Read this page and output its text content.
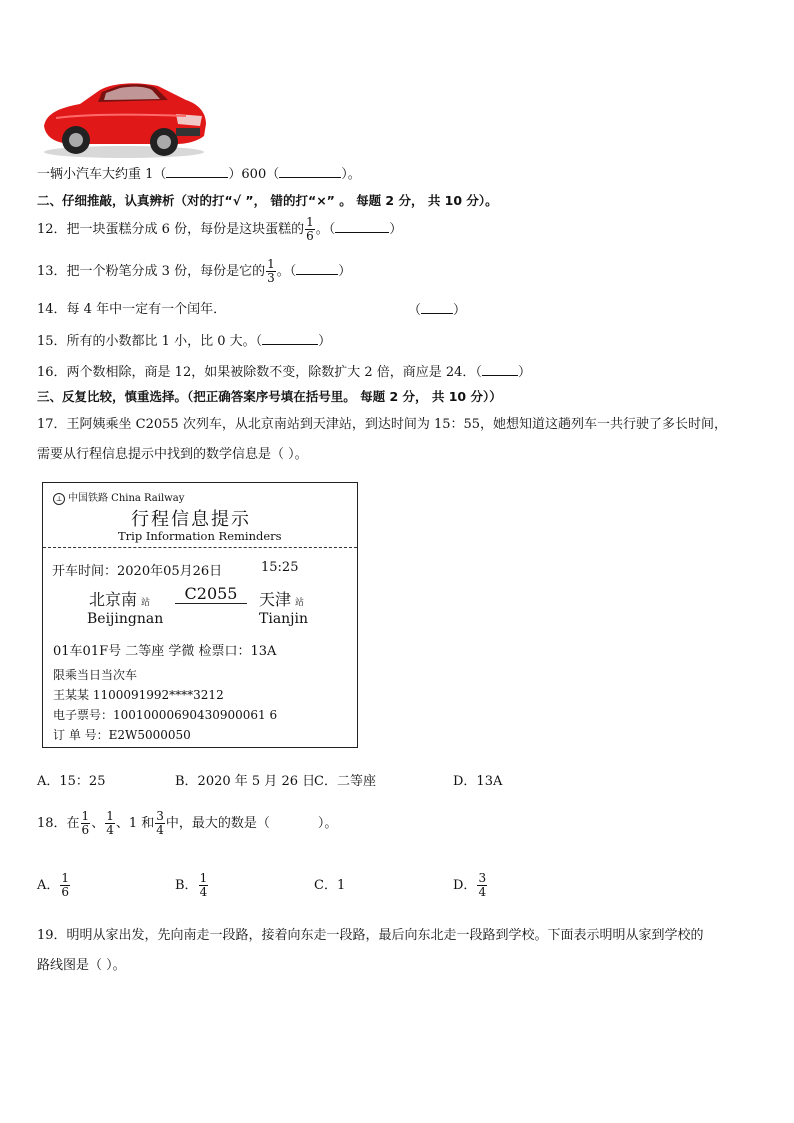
一辆小汽车大约重 1（	）600（	）。
二、仔细推敲，认真辨析（对的打“√ ”， 错的打“×” 。 每题 2 分， 共 10 分）。
12．把一块蛋糕分成 6 份，每份是这块蛋糕的 $\frac{1}{6}$ 。（	）
13．把一个粉笔分成 3 份，每份是它的 $\frac{1}{3}$ 。（	）
14．每 4 年中一定有一个闰年．	（ ）
15．所有的小数都比 1 小，比 0 大。（	）
16．两个数相除，商是 12，如果被除数不变，除数扩大 2 倍，商应是 24．（	）
三、反复比较，慎重选择。（把正确答案序号填在括号里。 每题 2 分， 共 10 分））
17．王阿姨乘坐 C2055 次列车，从北京南站到天津站，到达时间为 15：55，她想知道这趟列车一共行驶了多长时间，
需要从行程信息提示中找到的数学信息是（ ）。
⊥ 中国铁路 China Railway
行程信息提示
Trip Information Reminders
开车时间：2020年05月26日	15:25
北京南 站	C2055	天津 站
Beijingnan	Tianjin
01车01F号 二等座 学微 检票口：13A
限乘当日当次车
王某某 1100091992****3212
电子票号：10010000690430900061 6
订 单 号：E2W5000050
A．15：25	B．2020 年 5 月 26 日
C．二等座	D．13A
18．在 $\frac{1}{6}$ 、 $\frac{1}{4}$ 、1 和 $\frac{3}{4}$ 中，最大的数是（	）。
A． $\frac{1}{6}$	B． $\frac{1}{4}$	C．1	D． $\frac{3}{4}$
19．明明从家出发，先向南走一段路，接着向东走一段路，最后向东北走一段路到学校。下面表示明明从家到学校的
路线图是（ ）。
